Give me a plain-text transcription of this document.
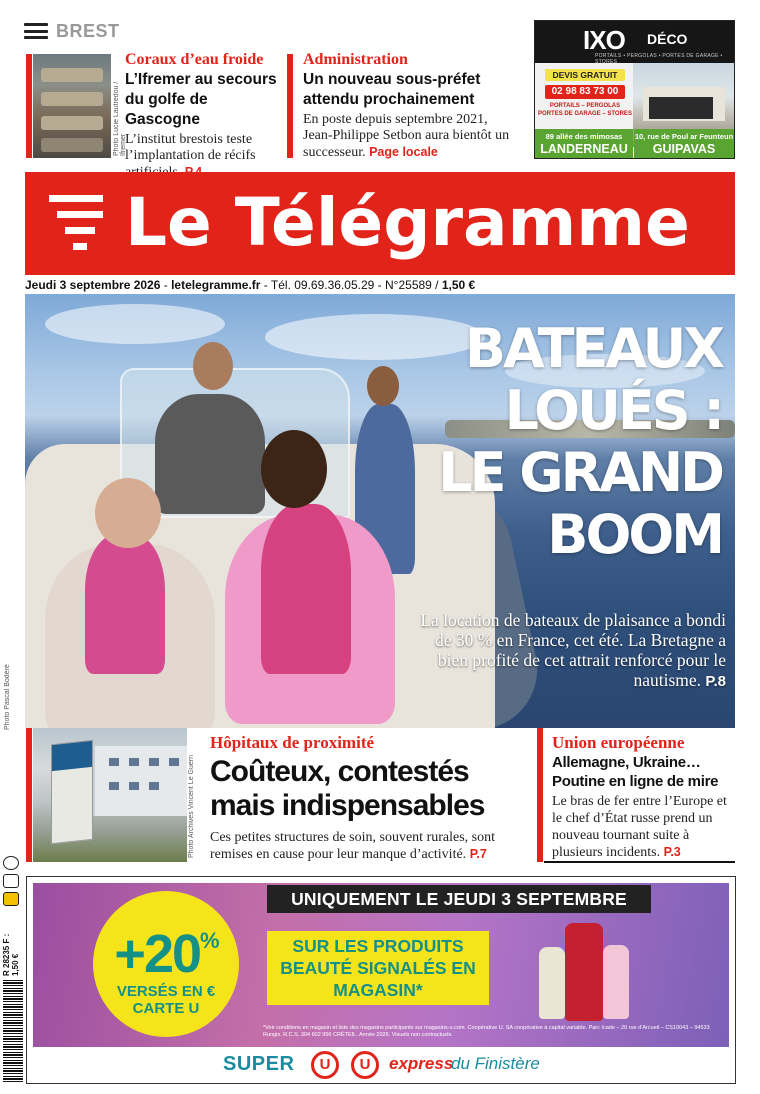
BREST
Photo Lucie Lautredou / Ifremer
Coraux d’eau froide
L’Ifremer au secours du golfe de Gascogne
L’institut brestois teste l’implantation de récifs
Administration
Un nouveau sous-préfet attendu prochainement
En poste depuis septembre 2021, Jean-Philippe Setbon aura bientôt un successeur. Page locale
IXO DÉCO
PORTAILS • PERGOLAS • PORTES DE GARAGE • STORES
DEVIS GRATUIT
02 98 83 73 00
PORTAILS – PERGOLAS PORTES DE GARAGE – STORES
89 allée des mimosas
LANDERNEAU
10, rue de Poul ar Feunteun
GUIPAVAS
Le Télégramme
Jeudi 3 septembre 2026 - letelegramme.fr - Tél. 09.69.36.05.29 - N°25589 / 1,50 €
Photo Pascal Bodéré
BATEAUX
LOUÉS :
LE GRAND
BOOM
La location de bateaux de plaisance a bondi de 30 % en France, cet été. La Bretagne a bien profité de cet attrait renforcé pour le nautisme. P.8
Photo Archives Vincent Le Guern
Hôpitaux de proximité
Coûteux, contestés mais indispensables
Ces petites structures de soin, souvent rurales, sont remises en cause pour leur manque d’activité. P.7
Union européenne
Allemagne, Ukraine… Poutine en ligne de mire
Le bras de fer entre l’Europe et le chef d’État russe prend un nouveau tournant suite à plusieurs incidents. P.3
R 28235 F : 1,50 €
UNIQUEMENT LE JEUDI 3 SEPTEMBRE
+20%
VERSÉS EN € CARTE U
SUR LES PRODUITS BEAUTÉ SIGNALÉS EN MAGASIN*
*Voir conditions en magasin et liste des magasins participants sur magasins-u.com. Coopérative U. SA coopérative à capital variable. Parc Icade – 20 rue d’Arcueil – CS10043 – 94533 Rungis. R.C.S. 304 602 956 CRÉTEIL. Année 2026. Visuels non contractuels.
SUPER	U	U	express
du Finistère
